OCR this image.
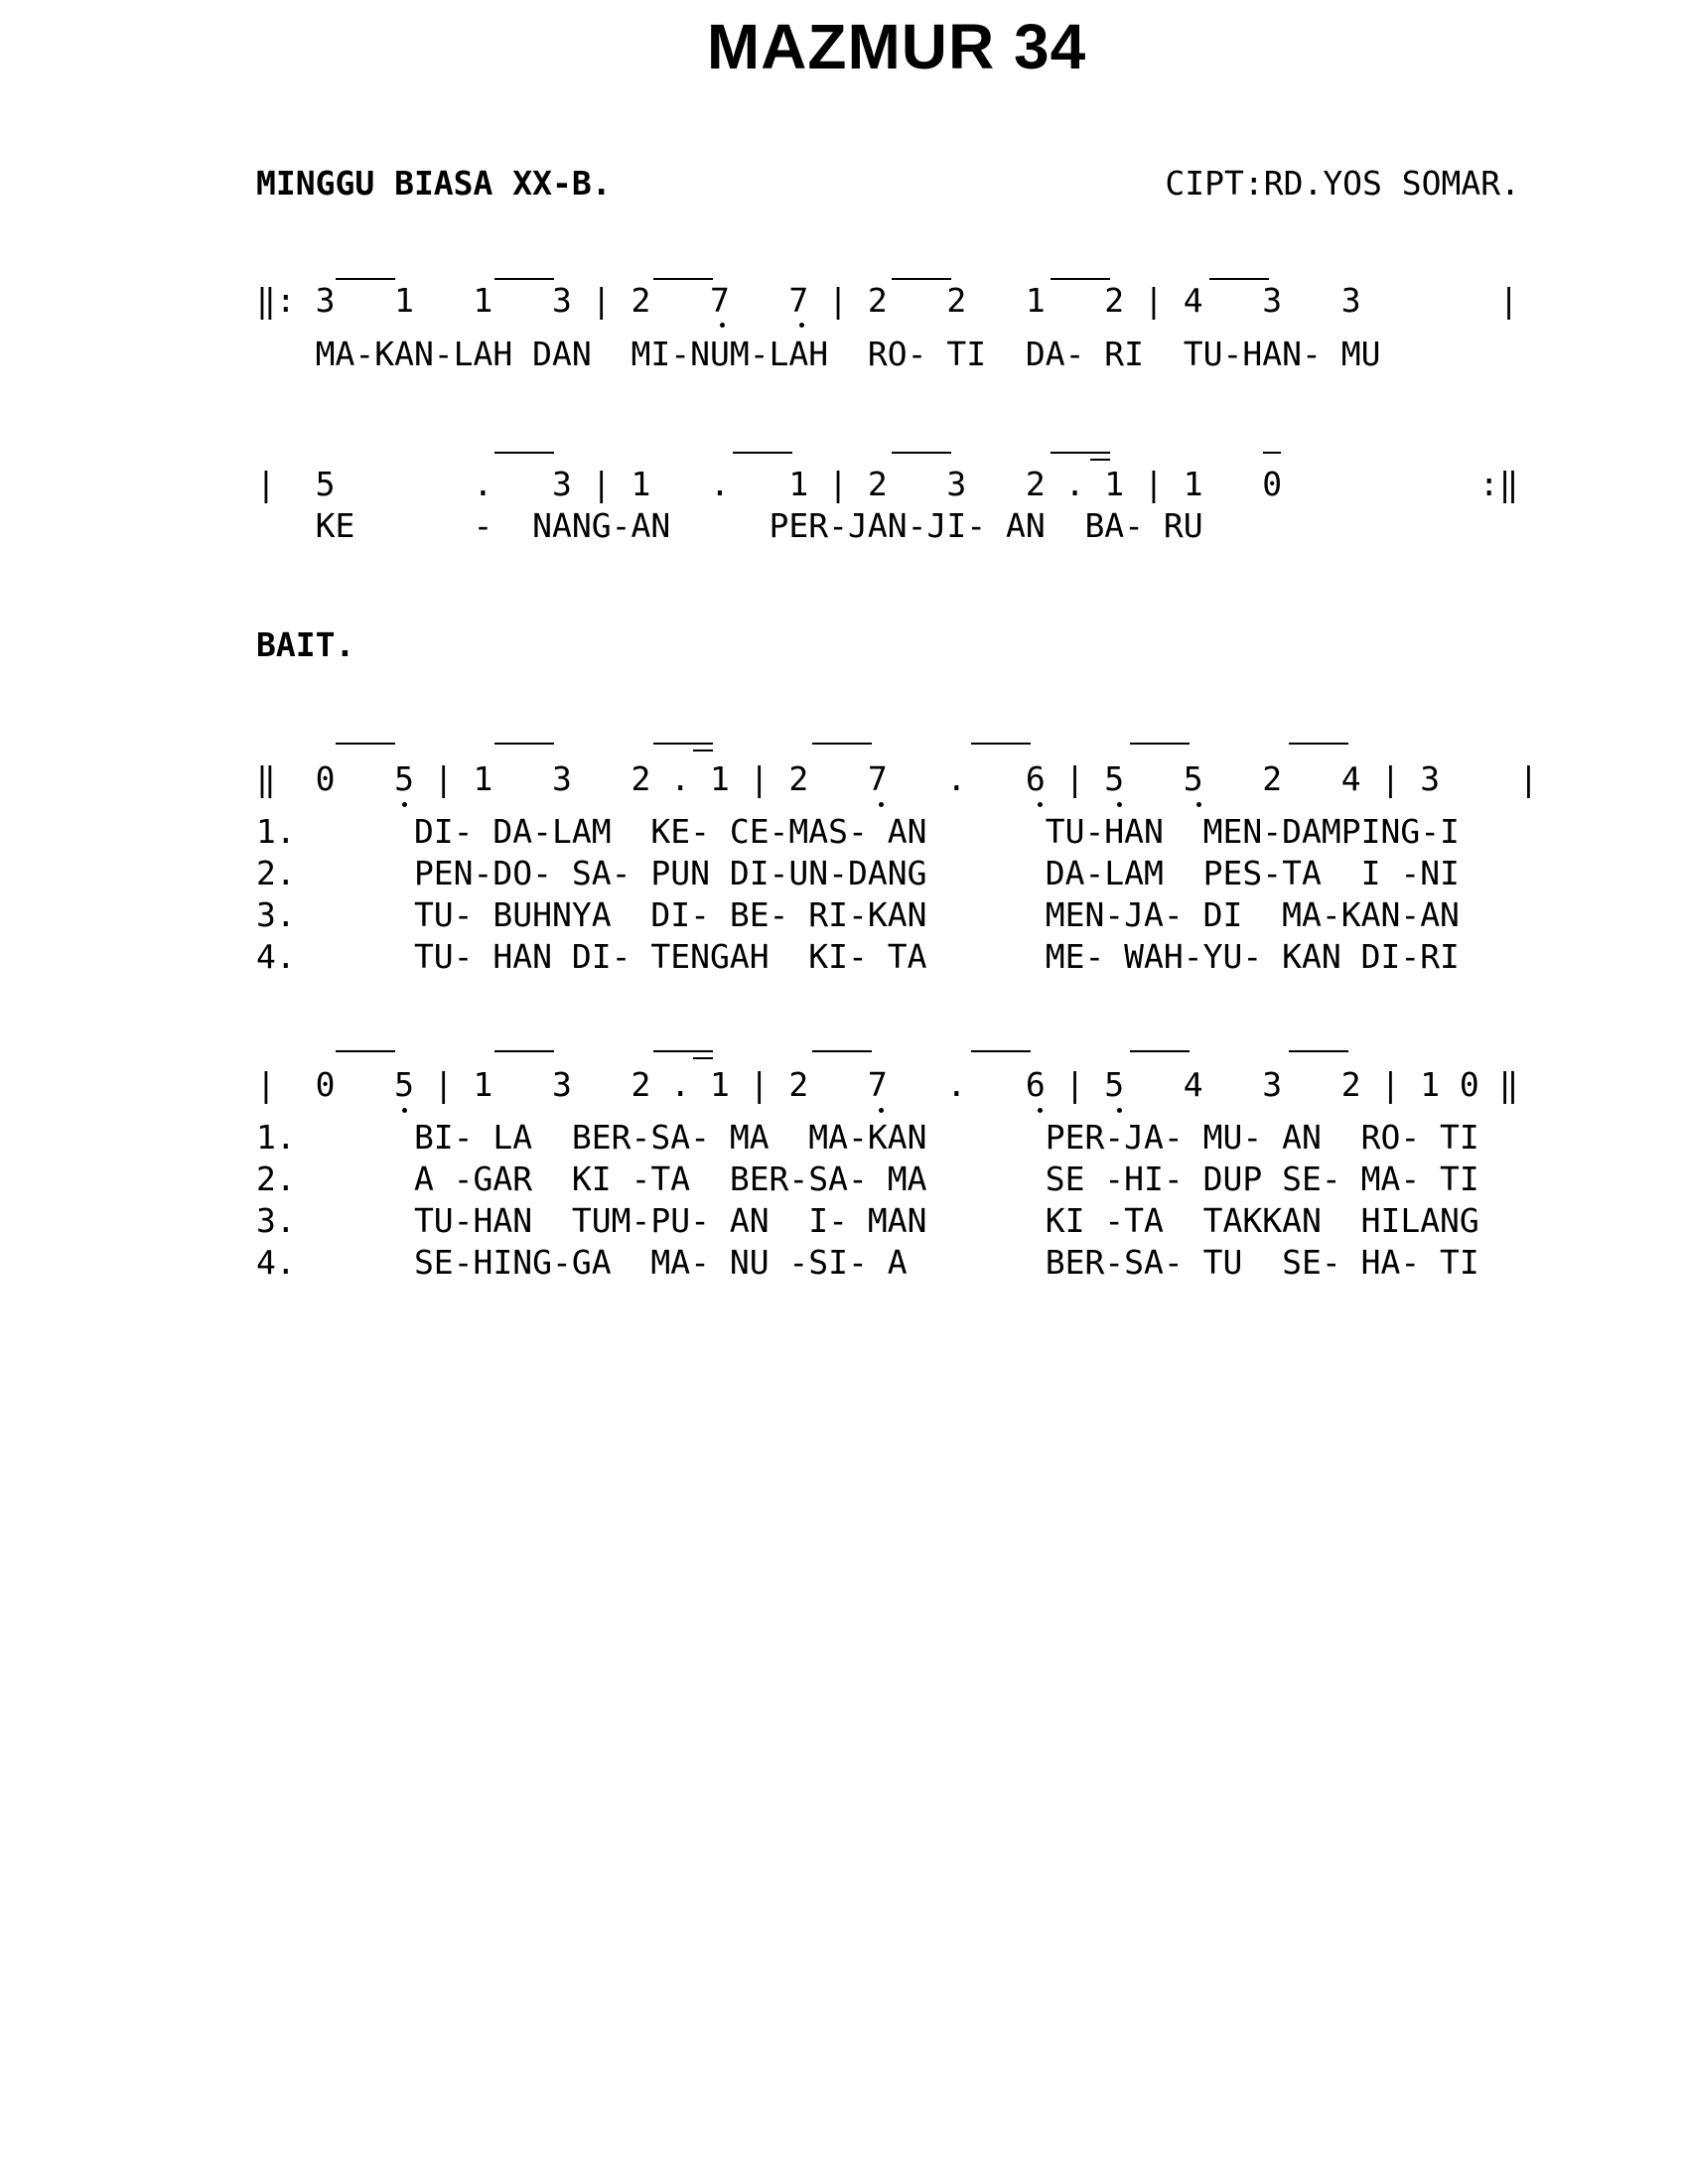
MAZMUR 34
MINGGU BIASA XX-B.	CIPT:RD.YOS SOMAR.
‖: 3   1   1   3 | 2   7   7 | 2   2   1   2 | 4   3   3       |
MA-KAN-LAH DAN  MI-NUM-LAH  RO- TI  DA- RI  TU-HAN- MU
|  5       .   3 | 1   .   1 | 2   3   2 . 1 | 1   0          :‖
KE      -  NANG-AN     PER-JAN-JI- AN  BA- RU
BAIT.
‖  0   5 | 1   3   2 . 1 | 2   7   .   6 | 5   5   2   4 | 3    |
1.      DI- DA-LAM  KE- CE-MAS- AN      TU-HAN  MEN-DAMPING-I
2.      PEN-DO- SA- PUN DI-UN-DANG      DA-LAM  PES-TA  I -NI
3.      TU- BUHNYA  DI- BE- RI-KAN      MEN-JA- DI  MA-KAN-AN
4.      TU- HAN DI- TENGAH  KI- TA      ME- WAH-YU- KAN DI-RI
|  0   5 | 1   3   2 . 1 | 2   7   .   6 | 5   4   3   2 | 1 0 ‖
1.      BI- LA  BER-SA- MA  MA-KAN      PER-JA- MU- AN  RO- TI
2.      A -GAR  KI -TA  BER-SA- MA      SE -HI- DUP SE- MA- TI
3.      TU-HAN  TUM-PU- AN  I- MAN      KI -TA  TAKKAN  HILANG
4.      SE-HING-GA  MA- NU -SI- A       BER-SA- TU  SE- HA- TI
